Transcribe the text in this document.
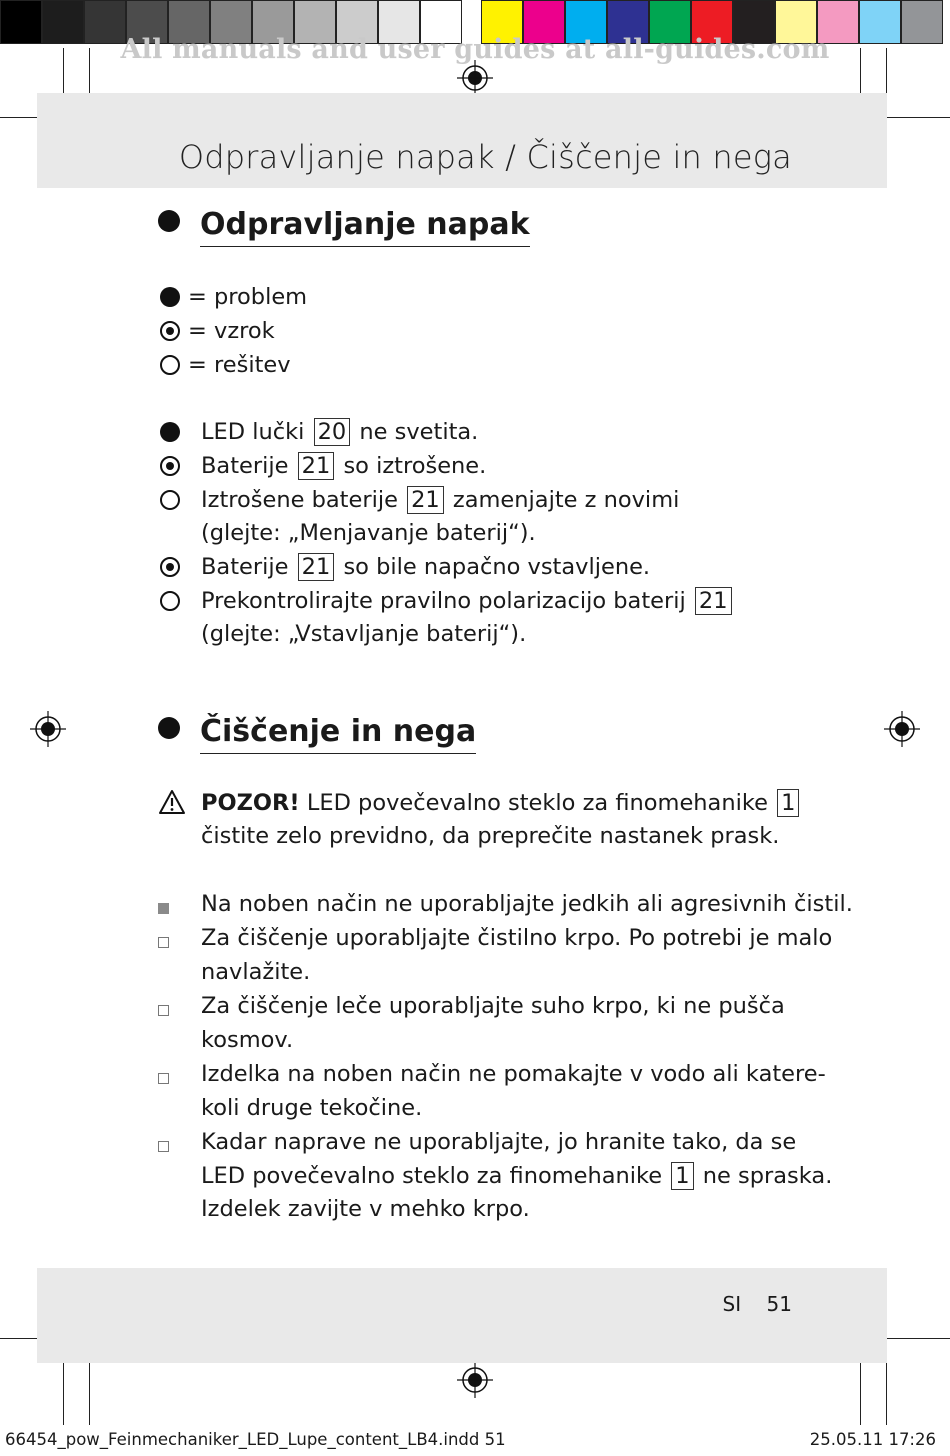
All manuals and user guides at all-guides.com
Odpravljanje napak / Čiščenje in nega
Odpravljanje napak
= problem
= vzrok
= rešitev
LED lučki 20 ne svetita.
Baterije 21 so iztrošene.
Iztrošene baterije 21 zamenjajte z novimi
(glejte: „Menjavanje baterij“).
Baterije 21 so bile napačno vstavljene.
Prekontrolirajte pravilno polarizacijo baterij 21
(glejte: „Vstavljanje baterij“).
Čiščenje in nega
POZOR! LED povečevalno steklo za finomehanike 1
čistite zelo previdno, da preprečite nastanek prask.
Na noben način ne uporabljajte jedkih ali agresivnih čistil.
Za čiščenje uporabljajte čistilno krpo. Po potrebi je malo
navlažite.
Za čiščenje leče uporabljajte suho krpo, ki ne pušča
kosmov.
Izdelka na noben način ne pomakajte v vodo ali katere-
koli druge tekočine.
Kadar naprave ne uporabljajte, jo hranite tako, da se
LED povečevalno steklo za finomehanike 1 ne spraska.
Izdelek zavijte v mehko krpo.
SI 51
66454_pow_Feinmechaniker_LED_Lupe_content_LB4.indd 51	25.05.11 17:26
